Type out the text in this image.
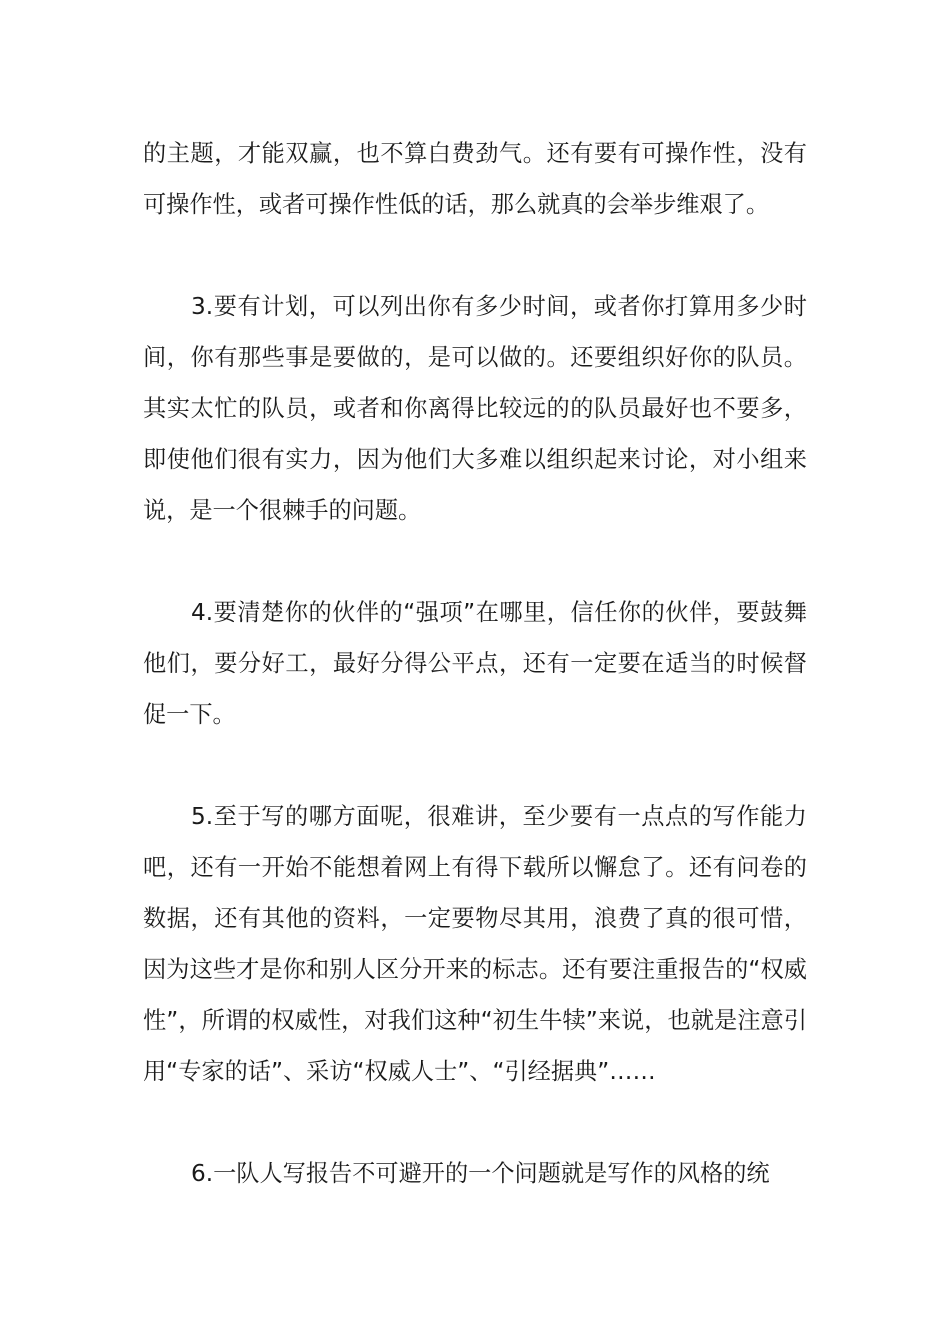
的主题，才能双赢，也不算白费劲气。还有要有可操作性，没有可操作性，或者可操作性低的话，那么就真的会举步维艰了。

3.要有计划，可以列出你有多少时间，或者你打算用多少时间，你有那些事是要做的，是可以做的。还要组织好你的队员。其实太忙的队员，或者和你离得比较远的的队员最好也不要多，即使他们很有实力，因为他们大多难以组织起来讨论，对小组来说，是一个很棘手的问题。

4.要清楚你的伙伴的“强项”在哪里，信任你的伙伴，要鼓舞他们，要分好工，最好分得公平点，还有一定要在适当的时候督促一下。

5.至于写的哪方面呢，很难讲，至少要有一点点的写作能力吧，还有一开始不能想着网上有得下载所以懈怠了。还有问卷的数据，还有其他的资料，一定要物尽其用，浪费了真的很可惜，因为这些才是你和别人区分开来的标志。还有要注重报告的“权威性”，所谓的权威性，对我们这种“初生牛犊”来说，也就是注意引用“专家的话”、采访“权威人士”、“引经据典”……

6.一队人写报告不可避开的一个问题就是写作的风格的统
